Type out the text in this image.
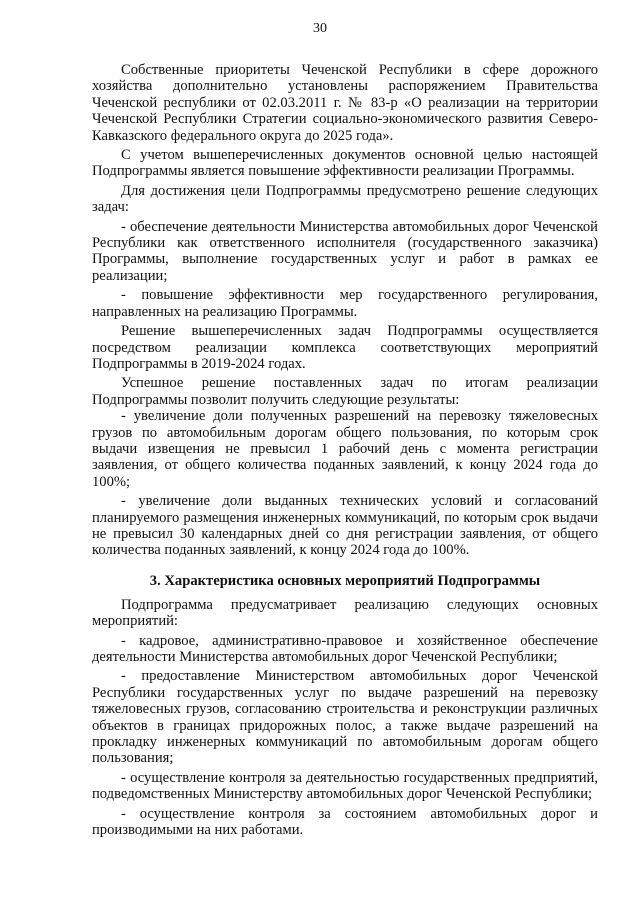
30

Собственные приоритеты Чеченской Республики в сфере дорожного хозяйства дополнительно установлены распоряжением Правительства Чеченской республики от 02.03.2011 г. № 83-р «О реализации на территории Чеченской Республики Стратегии социально-экономического развития Северо-Кавказского федерального округа до 2025 года».

С учетом вышеперечисленных документов основной целью настоящей Подпрограммы является повышение эффективности реализации Программы.

Для достижения цели Подпрограммы предусмотрено решение следующих задач:

- обеспечение деятельности Министерства автомобильных дорог Чеченской Республики как ответственного исполнителя (государственного заказчика) Программы, выполнение государственных услуг и работ в рамках ее реализации;

- повышение эффективности мер государственного регулирования, направленных на реализацию Программы.

Решение вышеперечисленных задач Подпрограммы осуществляется посредством реализации комплекса соответствующих мероприятий Подпрограммы в 2019-2024 годах.

Успешное решение поставленных задач по итогам реализации Подпрограммы позволит получить следующие результаты:

- увеличение доли полученных разрешений на перевозку тяжеловесных грузов по автомобильным дорогам общего пользования, по которым срок выдачи извещения не превысил 1 рабочий день с момента регистрации заявления, от общего количества поданных заявлений, к концу 2024 года до 100%;

- увеличение доли выданных технических условий и согласований планируемого размещения инженерных коммуникаций, по которым срок выдачи не превысил 30 календарных дней со дня регистрации заявления, от общего количества поданных заявлений, к концу 2024 года до 100%.

3. Характеристика основных мероприятий Подпрограммы

Подпрограмма предусматривает реализацию следующих основных мероприятий:

- кадровое, административно-правовое и хозяйственное обеспечение деятельности Министерства автомобильных дорог Чеченской Республики;

- предоставление Министерством автомобильных дорог Чеченской Республики государственных услуг по выдаче разрешений на перевозку тяжеловесных грузов, согласованию строительства и реконструкции различных объектов в границах придорожных полос, а также выдаче разрешений на прокладку инженерных коммуникаций по автомобильным дорогам общего пользования;

- осуществление контроля за деятельностью государственных предприятий, подведомственных Министерству автомобильных дорог Чеченской Республики;

- осуществление контроля за состоянием автомобильных дорог и производимыми на них работами.
